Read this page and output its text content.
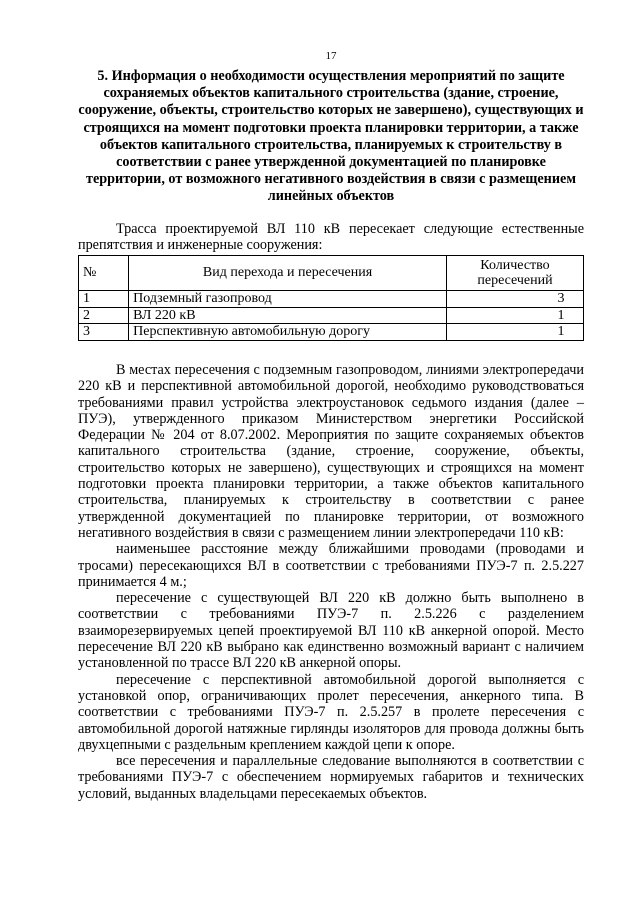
17
5. Информация о необходимости осуществления мероприятий по защите сохраняемых объектов капитального строительства (здание, строение, сооружение, объекты, строительство которых не завершено), существующих и строящихся на момент подготовки проекта планировки территории, а также объектов капитального строительства, планируемых к строительству в соответствии с ранее утвержденной документацией по планировке территории, от возможного негативного воздействия в связи с размещением линейных объектов

Трасса проектируемой ВЛ 110 кВ пересекает следующие естественные препятствия и инженерные сооружения:

№	Вид перехода и пересечения	Количество пересечений
1	Подземный газопровод	3
2	ВЛ 220 кВ	1
3	Перспективную автомобильную дорогу	1

В местах пересечения с подземным газопроводом, линиями электропередачи 220 кВ и перспективной автомобильной дорогой, необходимо руководствоваться требованиями правил устройства электроустановок седьмого издания (далее – ПУЭ), утвержденного приказом Министерством энергетики Российской Федерации № 204 от 8.07.2002. Мероприятия по защите сохраняемых объектов капитального строительства (здание, строение, сооружение, объекты, строительство которых не завершено), существующих и строящихся на момент подготовки проекта планировки территории, а также объектов капитального строительства, планируемых к строительству в соответствии с ранее утвержденной документацией по планировке территории, от возможного негативного воздействия в связи с размещением линии электропередачи 110 кВ:

наименьшее расстояние между ближайшими проводами (проводами и тросами) пересекающихся ВЛ в соответствии с требованиями ПУЭ-7 п. 2.5.227 принимается 4 м.;

пересечение с существующей ВЛ 220 кВ должно быть выполнено в соответствии с требованиями ПУЭ-7 п. 2.5.226 с разделением взаиморезервируемых цепей проектируемой ВЛ 110 кВ анкерной опорой. Место пересечение ВЛ 220 кВ выбрано как единственно возможный вариант с наличием установленной по трассе ВЛ 220 кВ анкерной опоры.

пересечение с перспективной автомобильной дорогой выполняется с установкой опор, ограничивающих пролет пересечения, анкерного типа. В соответствии с требованиями ПУЭ-7 п. 2.5.257 в пролете пересечения с автомобильной дорогой натяжные гирлянды изоляторов для провода должны быть двухцепными с раздельным креплением каждой цепи к опоре.

все пересечения и параллельные следование выполняются в соответствии с требованиями ПУЭ-7 с обеспечением нормируемых габаритов и технических условий, выданных владельцами пересекаемых объектов.
